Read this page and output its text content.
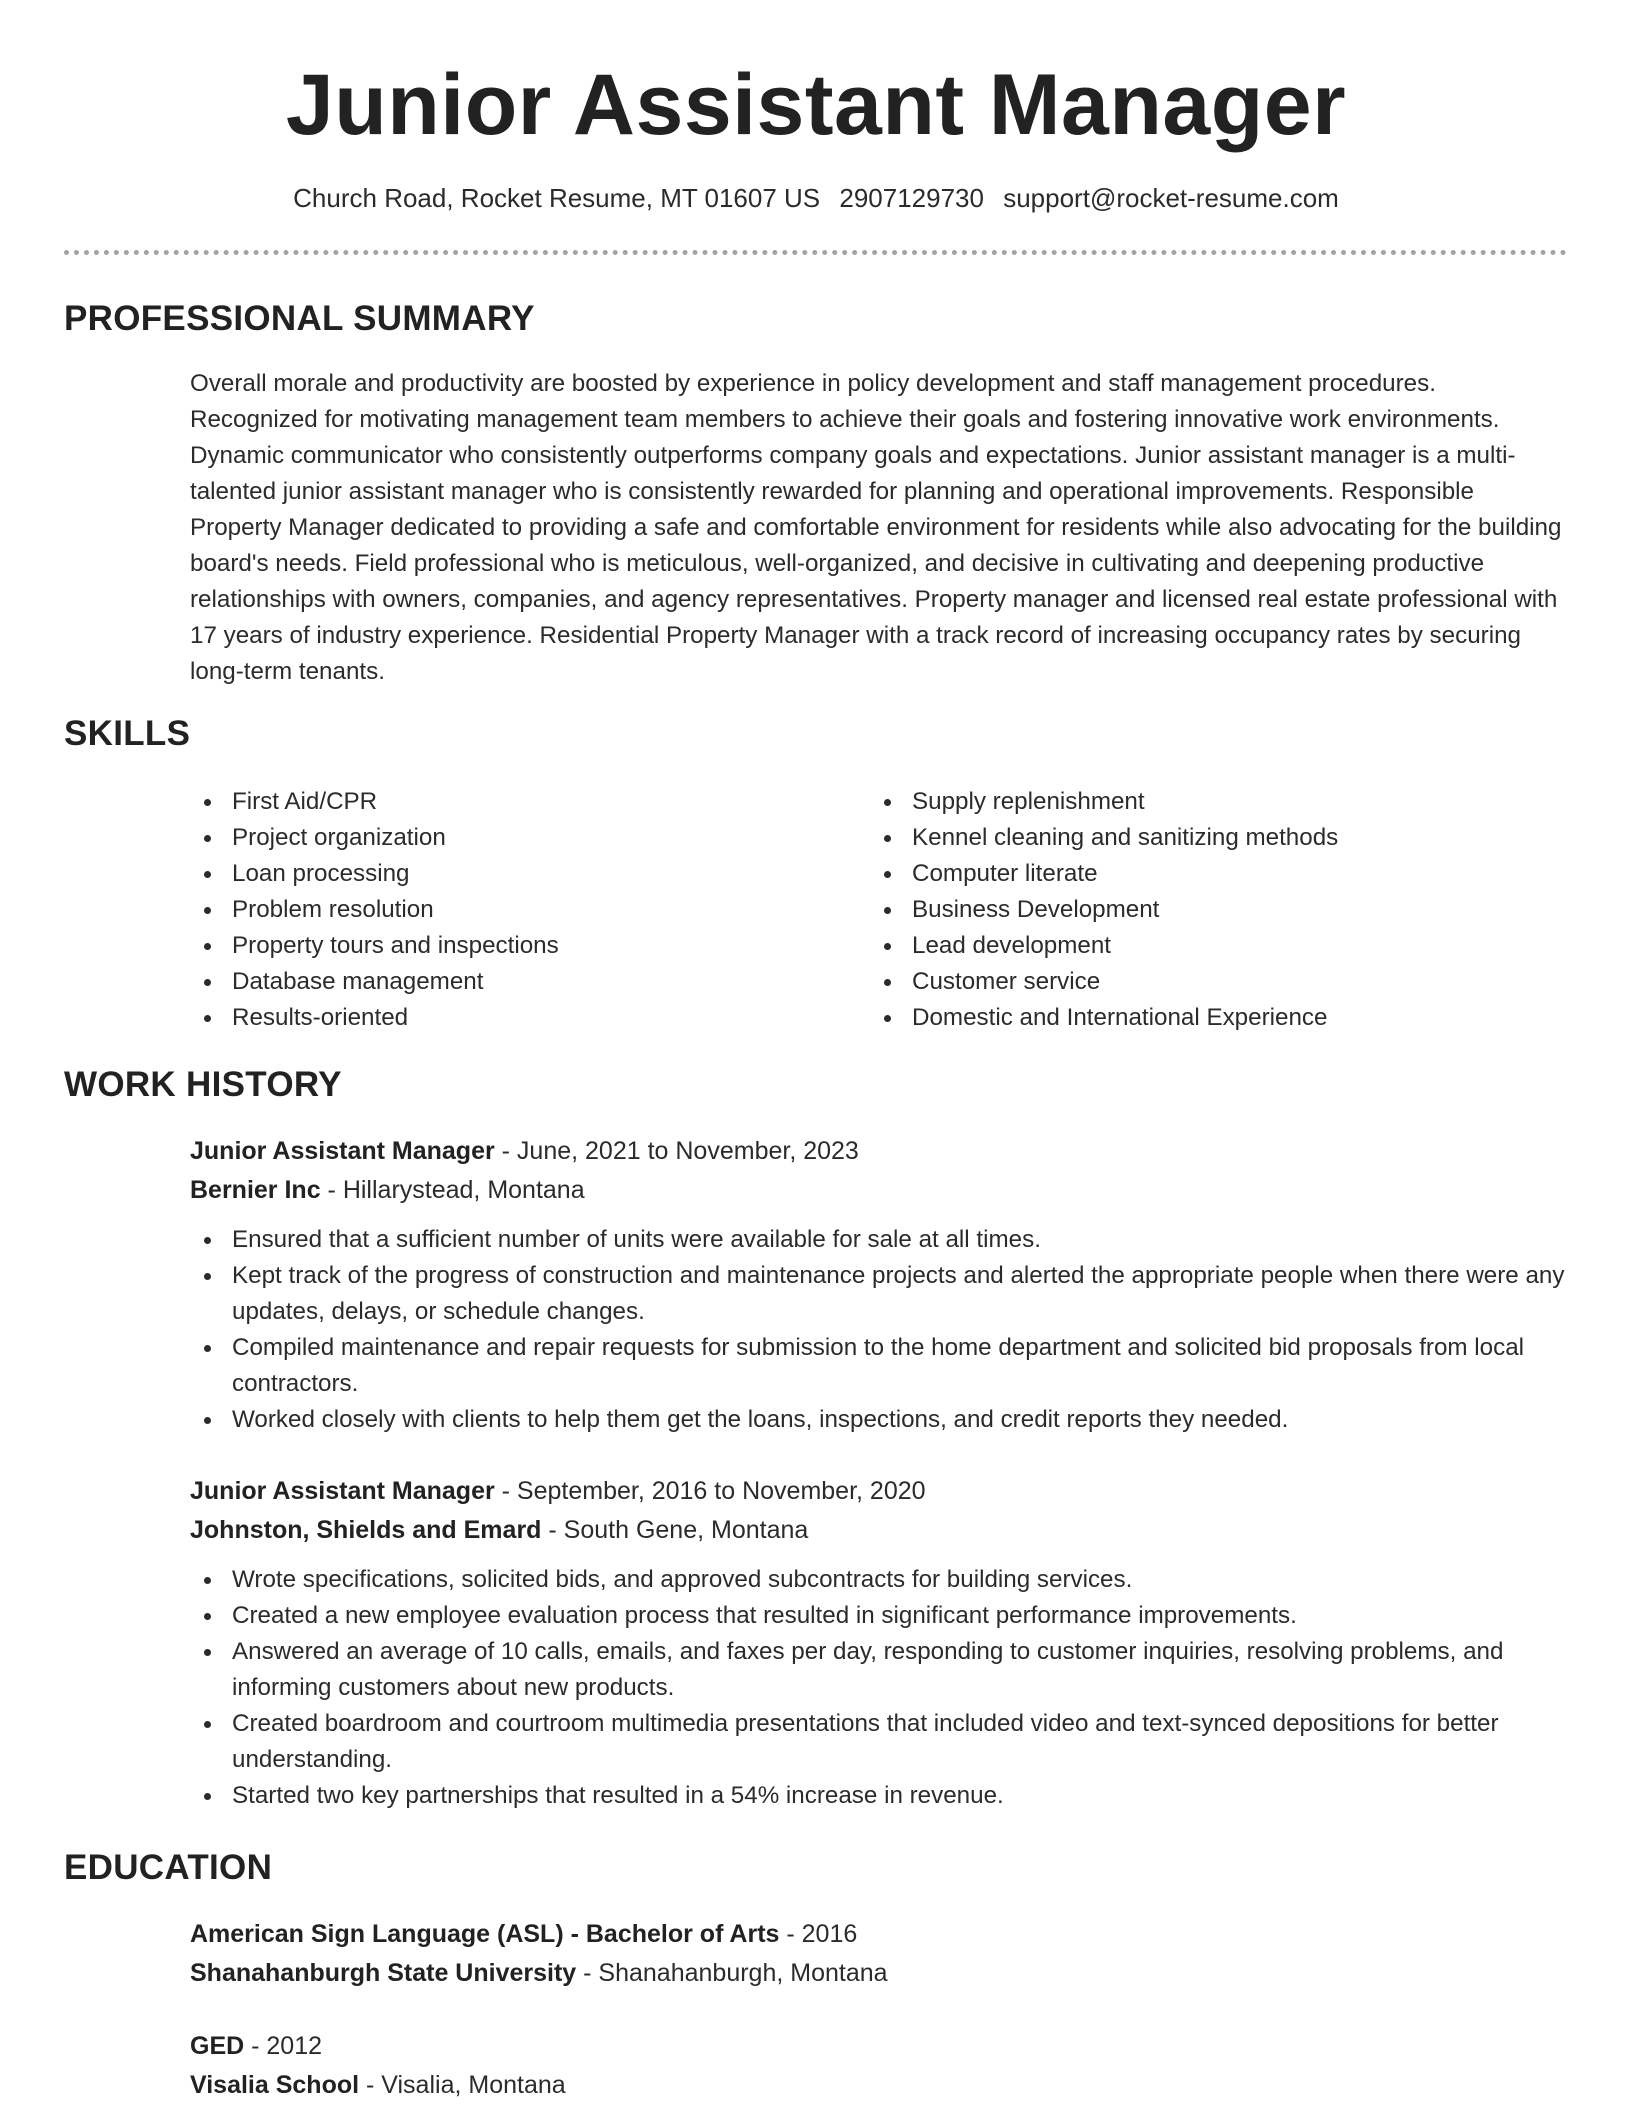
Junior Assistant Manager
Church Road, Rocket Resume, MT 01607 US 2907129730 support@rocket-resume.com
PROFESSIONAL SUMMARY

Overall morale and productivity are boosted by experience in policy development and staff management procedures. Recognized for motivating management team members to achieve their goals and fostering innovative work environments. Dynamic communicator who consistently outperforms company goals and expectations. Junior assistant manager is a multi-talented junior assistant manager who is consistently rewarded for planning and operational improvements. Responsible Property Manager dedicated to providing a safe and comfortable environment for residents while also advocating for the building board's needs. Field professional who is meticulous, well-organized, and decisive in cultivating and deepening productive relationships with owners, companies, and agency representatives. Property manager and licensed real estate professional with 17 years of industry experience. Residential Property Manager with a track record of increasing occupancy rates by securing long-term tenants.

SKILLS
First Aid/CPR
Project organization
Loan processing
Problem resolution
Property tours and inspections
Database management
Results-oriented
Supply replenishment
Kennel cleaning and sanitizing methods
Computer literate
Business Development
Lead development
Customer service
Domestic and International Experience
WORK HISTORY
Junior Assistant Manager - June, 2021 to November, 2023
Bernier Inc - Hillarystead, Montana
Ensured that a sufficient number of units were available for sale at all times.
Kept track of the progress of construction and maintenance projects and alerted the appropriate people when there were any updates, delays, or schedule changes.
Compiled maintenance and repair requests for submission to the home department and solicited bid proposals from local contractors.
Worked closely with clients to help them get the loans, inspections, and credit reports they needed.
Junior Assistant Manager - September, 2016 to November, 2020
Johnston, Shields and Emard - South Gene, Montana
Wrote specifications, solicited bids, and approved subcontracts for building services.
Created a new employee evaluation process that resulted in significant performance improvements.
Answered an average of 10 calls, emails, and faxes per day, responding to customer inquiries, resolving problems, and informing customers about new products.
Created boardroom and courtroom multimedia presentations that included video and text-synced depositions for better understanding.
Started two key partnerships that resulted in a 54% increase in revenue.
EDUCATION
American Sign Language (ASL) - Bachelor of Arts - 2016
Shanahanburgh State University - Shanahanburgh, Montana
GED - 2012
Visalia School - Visalia, Montana
